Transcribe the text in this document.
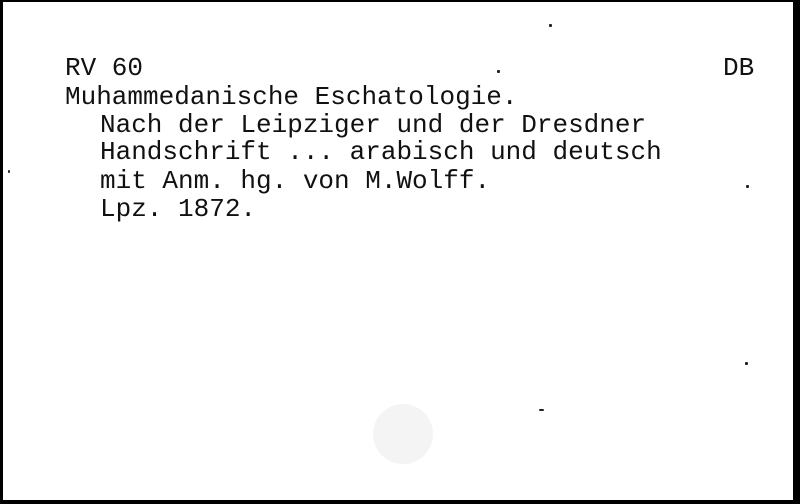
RV 60	DB
Muhammedanische Eschatologie.
Nach der Leipziger und der Dresdner
Handschrift ... arabisch und deutsch
mit Anm. hg. von M.Wolff.
Lpz. 1872.
